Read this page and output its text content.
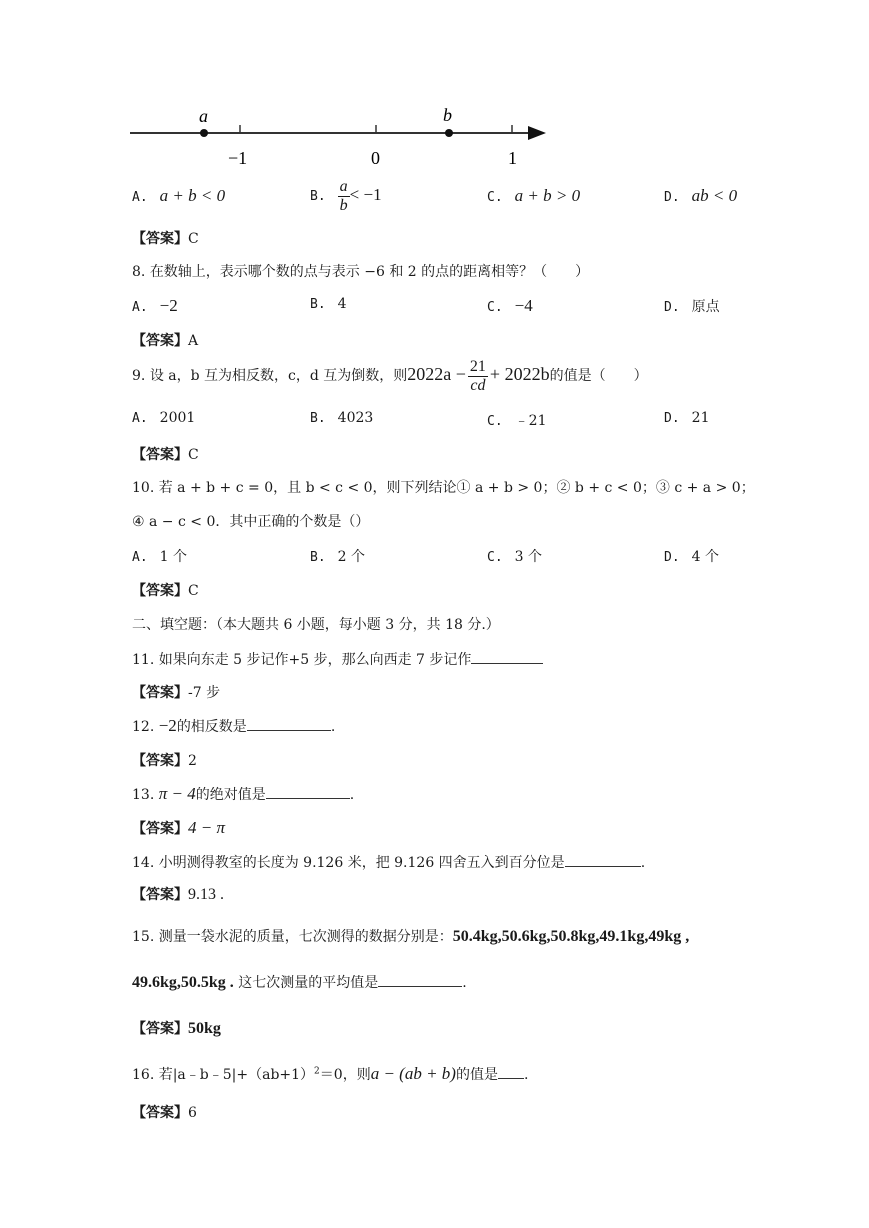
a	b
−1	0	1
A. a + b < 0	B. $\frac{a}{b} < -1$	C. a + b > 0	D. ab < 0
【答案】C
8. 在数轴上，表示哪个数的点与表示 −6 和 2 的点的距离相等？（　　）
A. −2	B. 4	C. −4	D. 原点
【答案】A
9. 设 a，b 互为相反数，c，d 互为倒数，则$2022a - \frac{21}{cd} + 2022b$的值是（　　）
A. 2001	B. 4023	C. ﹣21	D. 21
【答案】C
10. 若 a + b + c = 0，且 b < c < 0，则下列结论① a + b > 0；② b + c < 0；③ c + a > 0；
④ a − c < 0．其中正确的个数是（）
A. 1 个	B. 2 个	C. 3 个	D. 4 个
【答案】C
二、填空题：（本大题共 6 小题，每小题 3 分，共 18 分.）
11. 如果向东走 5 步记作+5 步，那么向西走 7 步记作
【答案】-7 步
12. −2的相反数是	.
【答案】2
13. π − 4的绝对值是	.
【答案】4 − π
14. 小明测得教室的长度为 9.126 米，把 9.126 四舍五入到百分位是	.
【答案】9.13 .
15. 测量一袋水泥的质量，七次测得的数据分别是：50.4kg,50.6kg,50.8kg,49.1kg,49kg ,
49.6kg,50.5kg . 这七次测量的平均值是	.
【答案】50kg
16. 若$|a﹣b﹣5|+(ab+1)^2=0$，则a − (ab + b)的值是 .
【答案】6
